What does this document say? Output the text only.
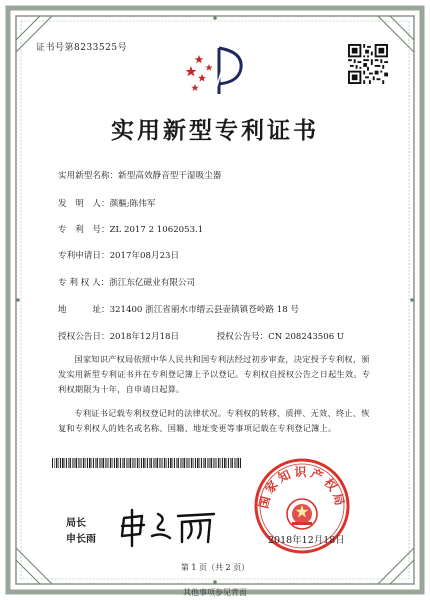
证书号第8233525号
实用新型专利证书
实用新型名称：新型高效静音型干湿吸尘器
发　明　人：颜樞;陈伟军
专　利　号：ZL 2017 2 1062053.1
专利申请日：2017年08月23日
专 利 权 人：浙江东亿磁业有限公司
地　　　址：321400 浙江省丽水市缙云县壶镇镇苍岭路 18 号
授权公告日：2018年12月18日	授权公告号：CN 208243506 U
国家知识产权局依照中华人民共和国专利法经过初步审查，决定授予专利权，颁发实用新型专利证书并在专利登记簿上予以登记。专利权自授权公告之日起生效。专利权期限为十年，自申请日起算。
专利证书记载专利权登记时的法律状况。专利权的转移、质押、无效、终止、恢复和专利权人的姓名或名称、国籍、地址变更等事项记载在专利登记簿上。
局长
申长雨
国家知识产权局
2018年12月18日
第 1 页（共 2 页）
其他事项参见背面
